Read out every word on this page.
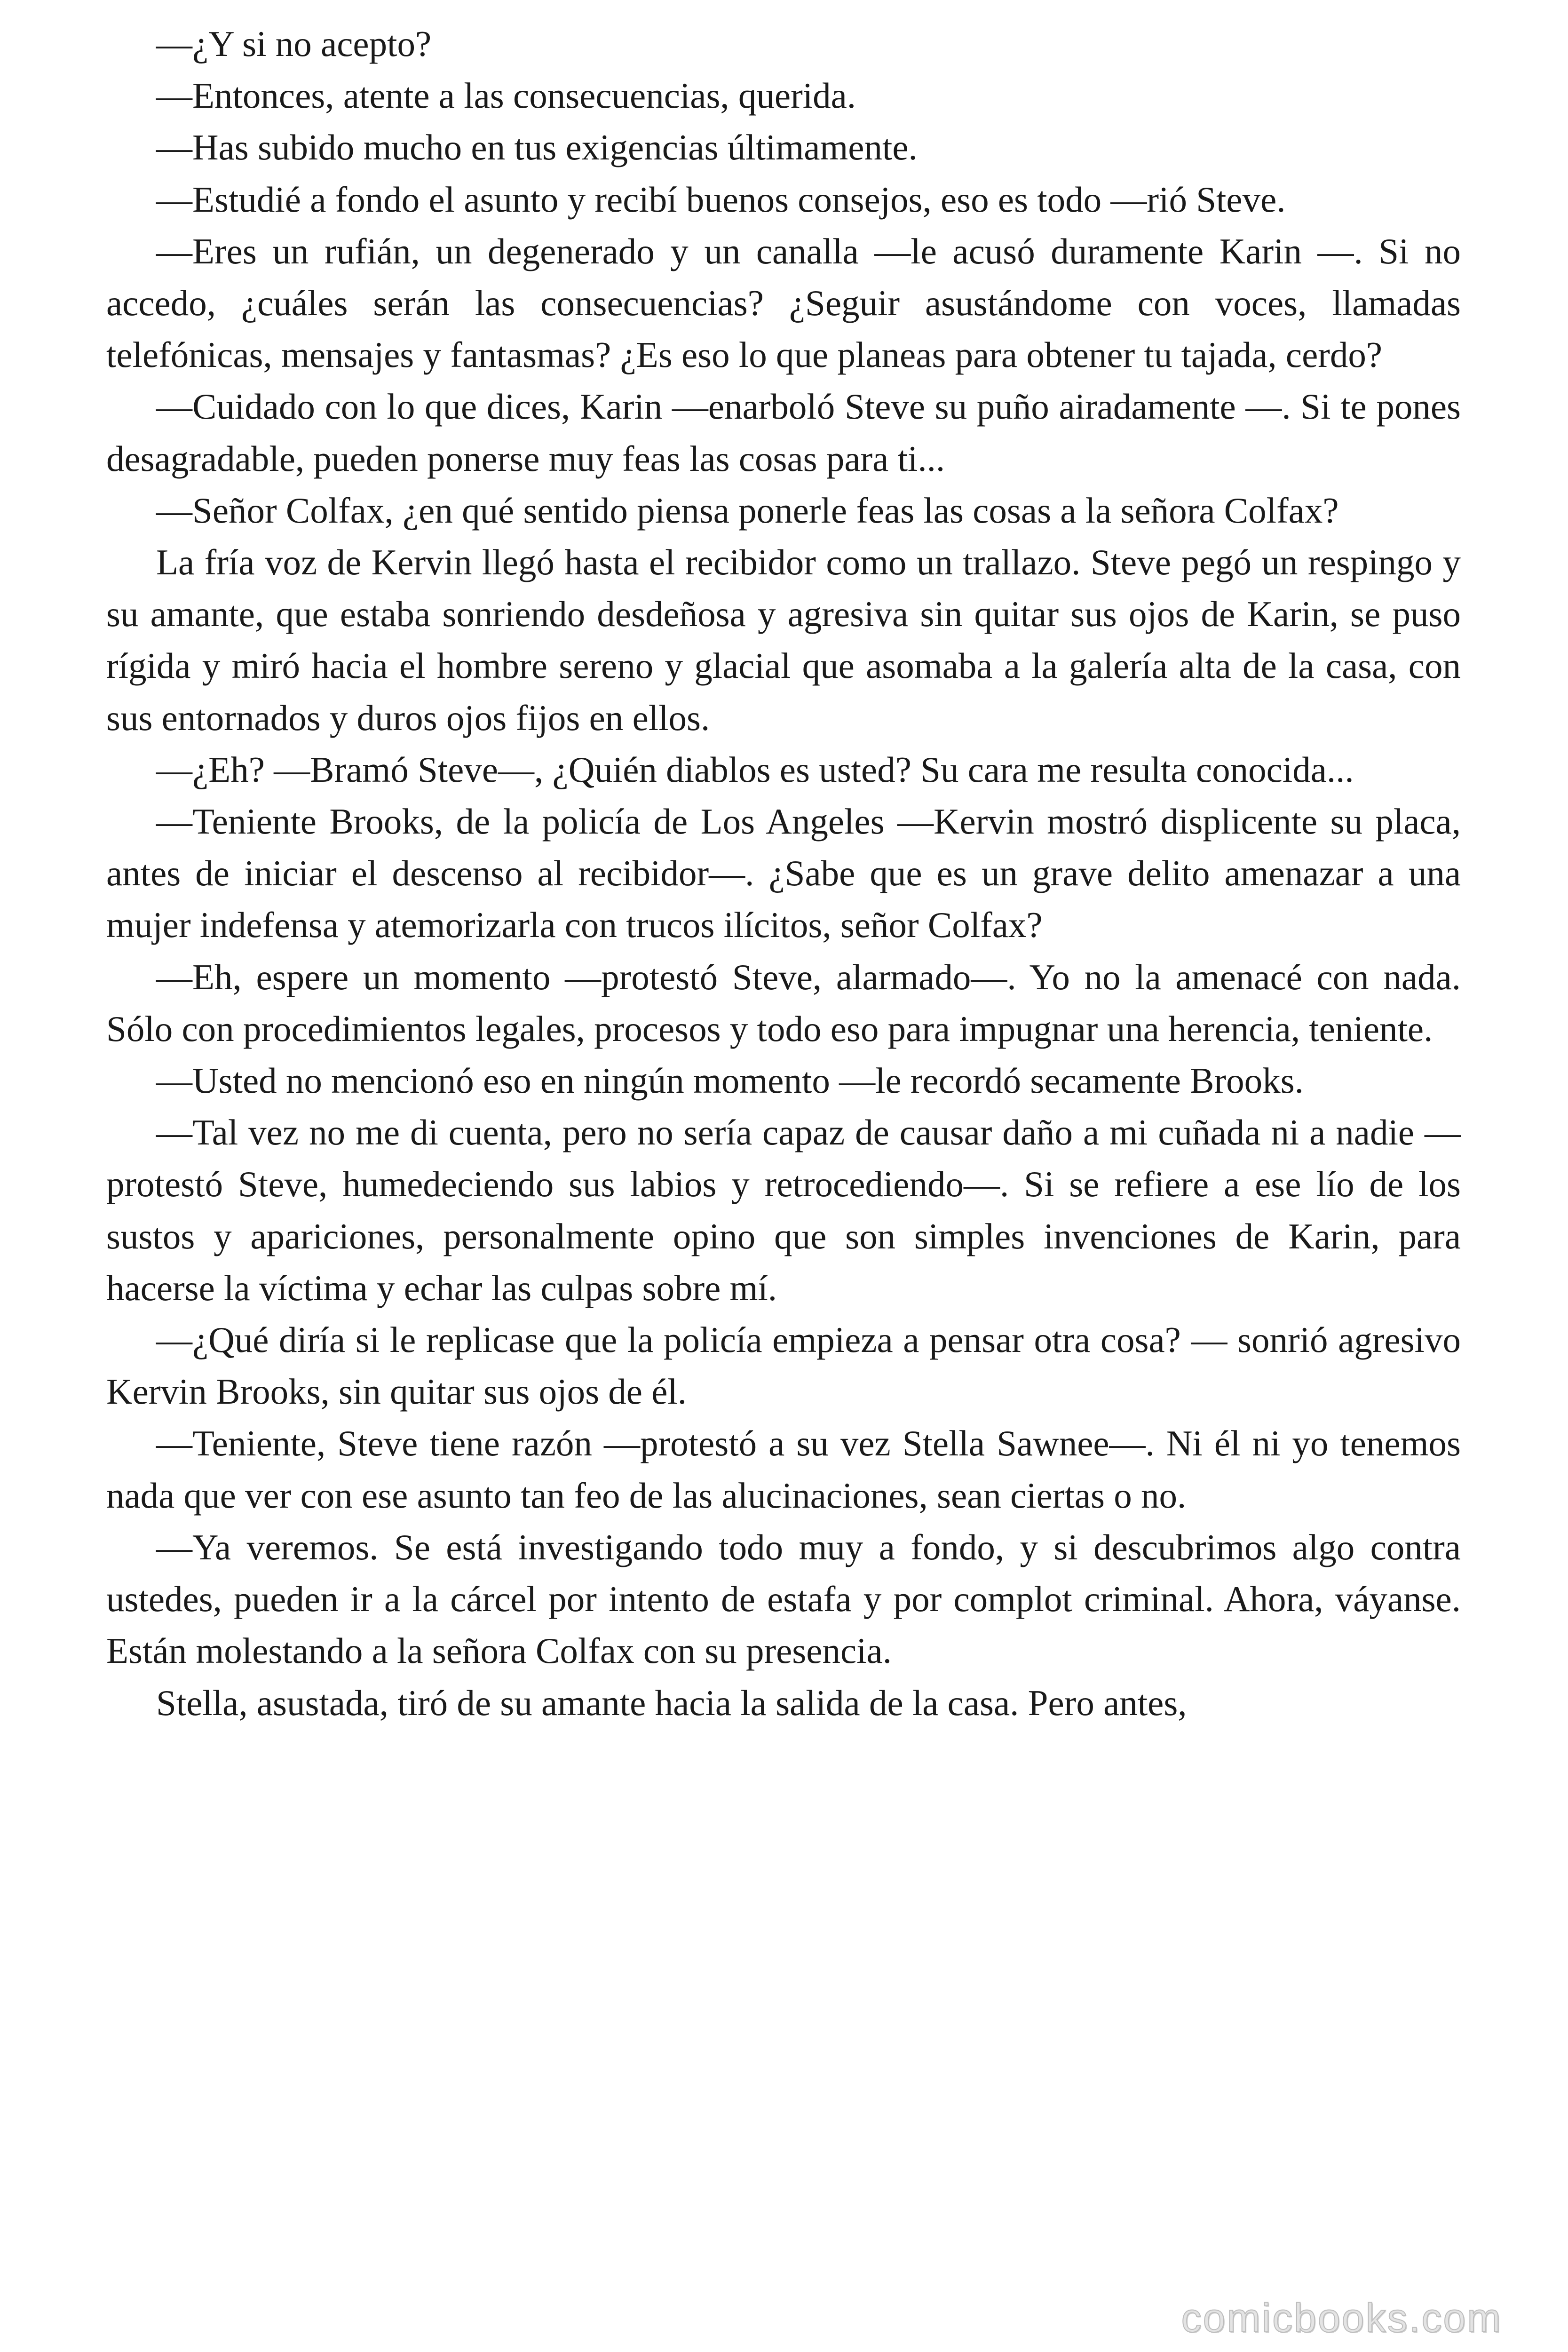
—¿Y si no acepto?

—Entonces, atente a las consecuencias, querida.

—Has subido mucho en tus exigencias últimamente.

—Estudié a fondo el asunto y recibí buenos consejos, eso es todo —rió Steve.

—Eres un rufián, un degenerado y un canalla —le acusó duramente Karin —. Si no accedo, ¿cuáles serán las consecuencias? ¿Seguir asustándome con voces, llamadas telefónicas, mensajes y fantasmas? ¿Es eso lo que planeas para obtener tu tajada, cerdo?

—Cuidado con lo que dices, Karin —enarboló Steve su puño airadamente —. Si te pones desagradable, pueden ponerse muy feas las cosas para ti...

—Señor Colfax, ¿en qué sentido piensa ponerle feas las cosas a la señora Colfax?

La fría voz de Kervin llegó hasta el recibidor como un trallazo. Steve pegó un respingo y su amante, que estaba sonriendo desdeñosa y agresiva sin quitar sus ojos de Karin, se puso rígida y miró hacia el hombre sereno y glacial que asomaba a la galería alta de la casa, con sus entornados y duros ojos fijos en ellos.

—¿Eh? —Bramó Steve—, ¿Quién diablos es usted? Su cara me resulta conocida...

—Teniente Brooks, de la policía de Los Angeles —Kervin mostró displicente su placa, antes de iniciar el descenso al recibidor—. ¿Sabe que es un grave delito amenazar a una mujer indefensa y atemorizarla con trucos ilícitos, señor Colfax?

—Eh, espere un momento —protestó Steve, alarmado—. Yo no la amenacé con nada. Sólo con procedimientos legales, procesos y todo eso para impugnar una herencia, teniente.

—Usted no mencionó eso en ningún momento —le recordó secamente Brooks.

—Tal vez no me di cuenta, pero no sería capaz de causar daño a mi cuñada ni a nadie —protestó Steve, humedeciendo sus labios y retrocediendo—. Si se refiere a ese lío de los sustos y apariciones, personalmente opino que son simples invenciones de Karin, para hacerse la víctima y echar las culpas sobre mí.

—¿Qué diría si le replicase que la policía empieza a pensar otra cosa? — sonrió agresivo Kervin Brooks, sin quitar sus ojos de él.

—Teniente, Steve tiene razón —protestó a su vez Stella Sawnee—. Ni él ni yo tenemos nada que ver con ese asunto tan feo de las alucinaciones, sean ciertas o no.

—Ya veremos. Se está investigando todo muy a fondo, y si descubrimos algo contra ustedes, pueden ir a la cárcel por intento de estafa y por complot criminal. Ahora, váyanse. Están molestando a la señora Colfax con su presencia.

Stella, asustada, tiró de su amante hacia la salida de la casa. Pero antes,

comicbooks.com
